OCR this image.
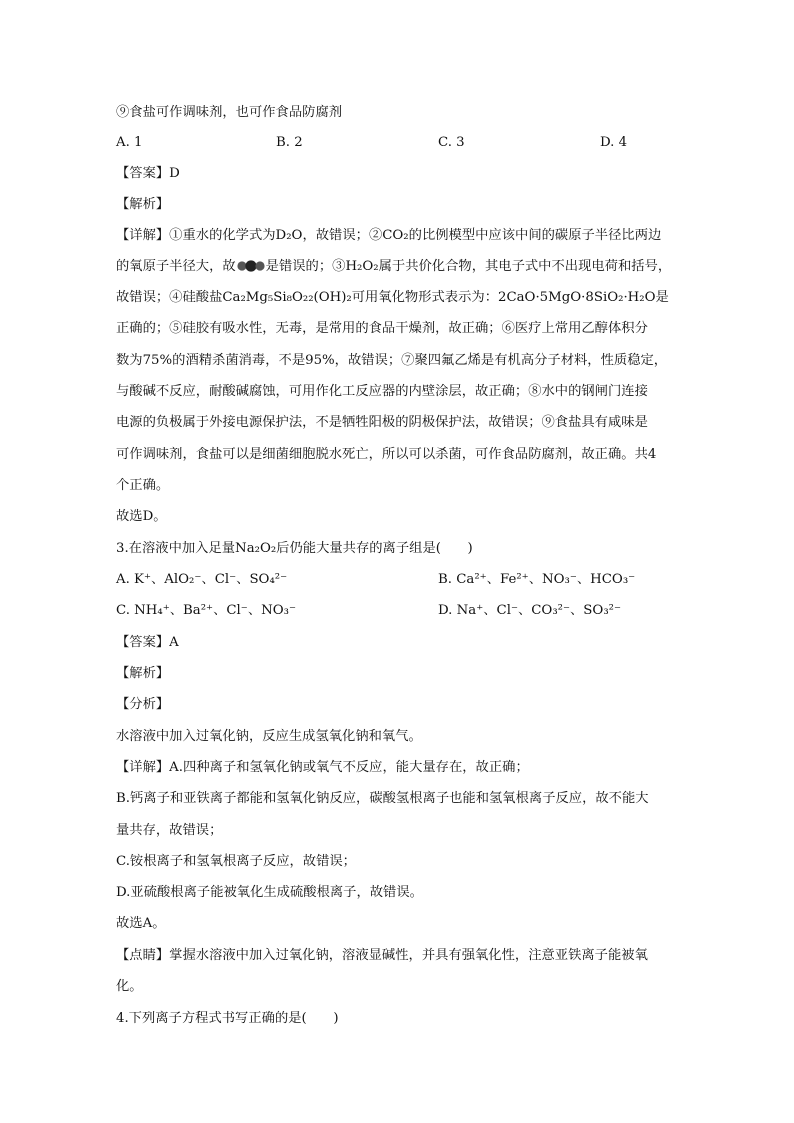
⑨食盐可作调味剂，也可作食品防腐剂
A. 1	B. 2	C. 3	D. 4
【答案】D
【解析】
【详解】①重水的化学式为D₂O，故错误；②CO₂的比例模型中应该中间的碳原子半径比两边
的氧原子半径大，故 是错误的；③H₂O₂属于共价化合物，其电子式中不出现电荷和括号，
故错误；④硅酸盐Ca₂Mg₅Si₈O₂₂(OH)₂可用氧化物形式表示为：2CaO·5MgO·8SiO₂·H₂O是
正确的；⑤硅胶有吸水性，无毒，是常用的食品干燥剂，故正确；⑥医疗上常用乙醇体积分
数为75%的酒精杀菌消毒，不是95%，故错误；⑦聚四氟乙烯是有机高分子材料，性质稳定，
与酸碱不反应，耐酸碱腐蚀，可用作化工反应器的内壁涂层，故正确；⑧水中的钢闸门连接
电源的负极属于外接电源保护法，不是牺牲阳极的阴极保护法，故错误；⑨食盐具有咸味是
可作调味剂，食盐可以是细菌细胞脱水死亡，所以可以杀菌，可作食品防腐剂，故正确。共4
个正确。
故选D。
3.在溶液中加入足量Na₂O₂后仍能大量共存的离子组是(　　)
A. K⁺、AlO₂⁻、Cl⁻、SO₄²⁻	B. Ca²⁺、Fe²⁺、NO₃⁻、HCO₃⁻
C. NH₄⁺、Ba²⁺、Cl⁻、NO₃⁻	D. Na⁺、Cl⁻、CO₃²⁻、SO₃²⁻
【答案】A
【解析】
【分析】
水溶液中加入过氧化钠，反应生成氢氧化钠和氧气。
【详解】A.四种离子和氢氧化钠或氧气不反应，能大量存在，故正确；
B.钙离子和亚铁离子都能和氢氧化钠反应，碳酸氢根离子也能和氢氧根离子反应，故不能大
量共存，故错误；
C.铵根离子和氢氧根离子反应，故错误；
D.亚硫酸根离子能被氧化生成硫酸根离子，故错误。
故选A。
【点睛】掌握水溶液中加入过氧化钠，溶液显碱性，并具有强氧化性，注意亚铁离子能被氧
化。
4.下列离子方程式书写正确的是(　　)
